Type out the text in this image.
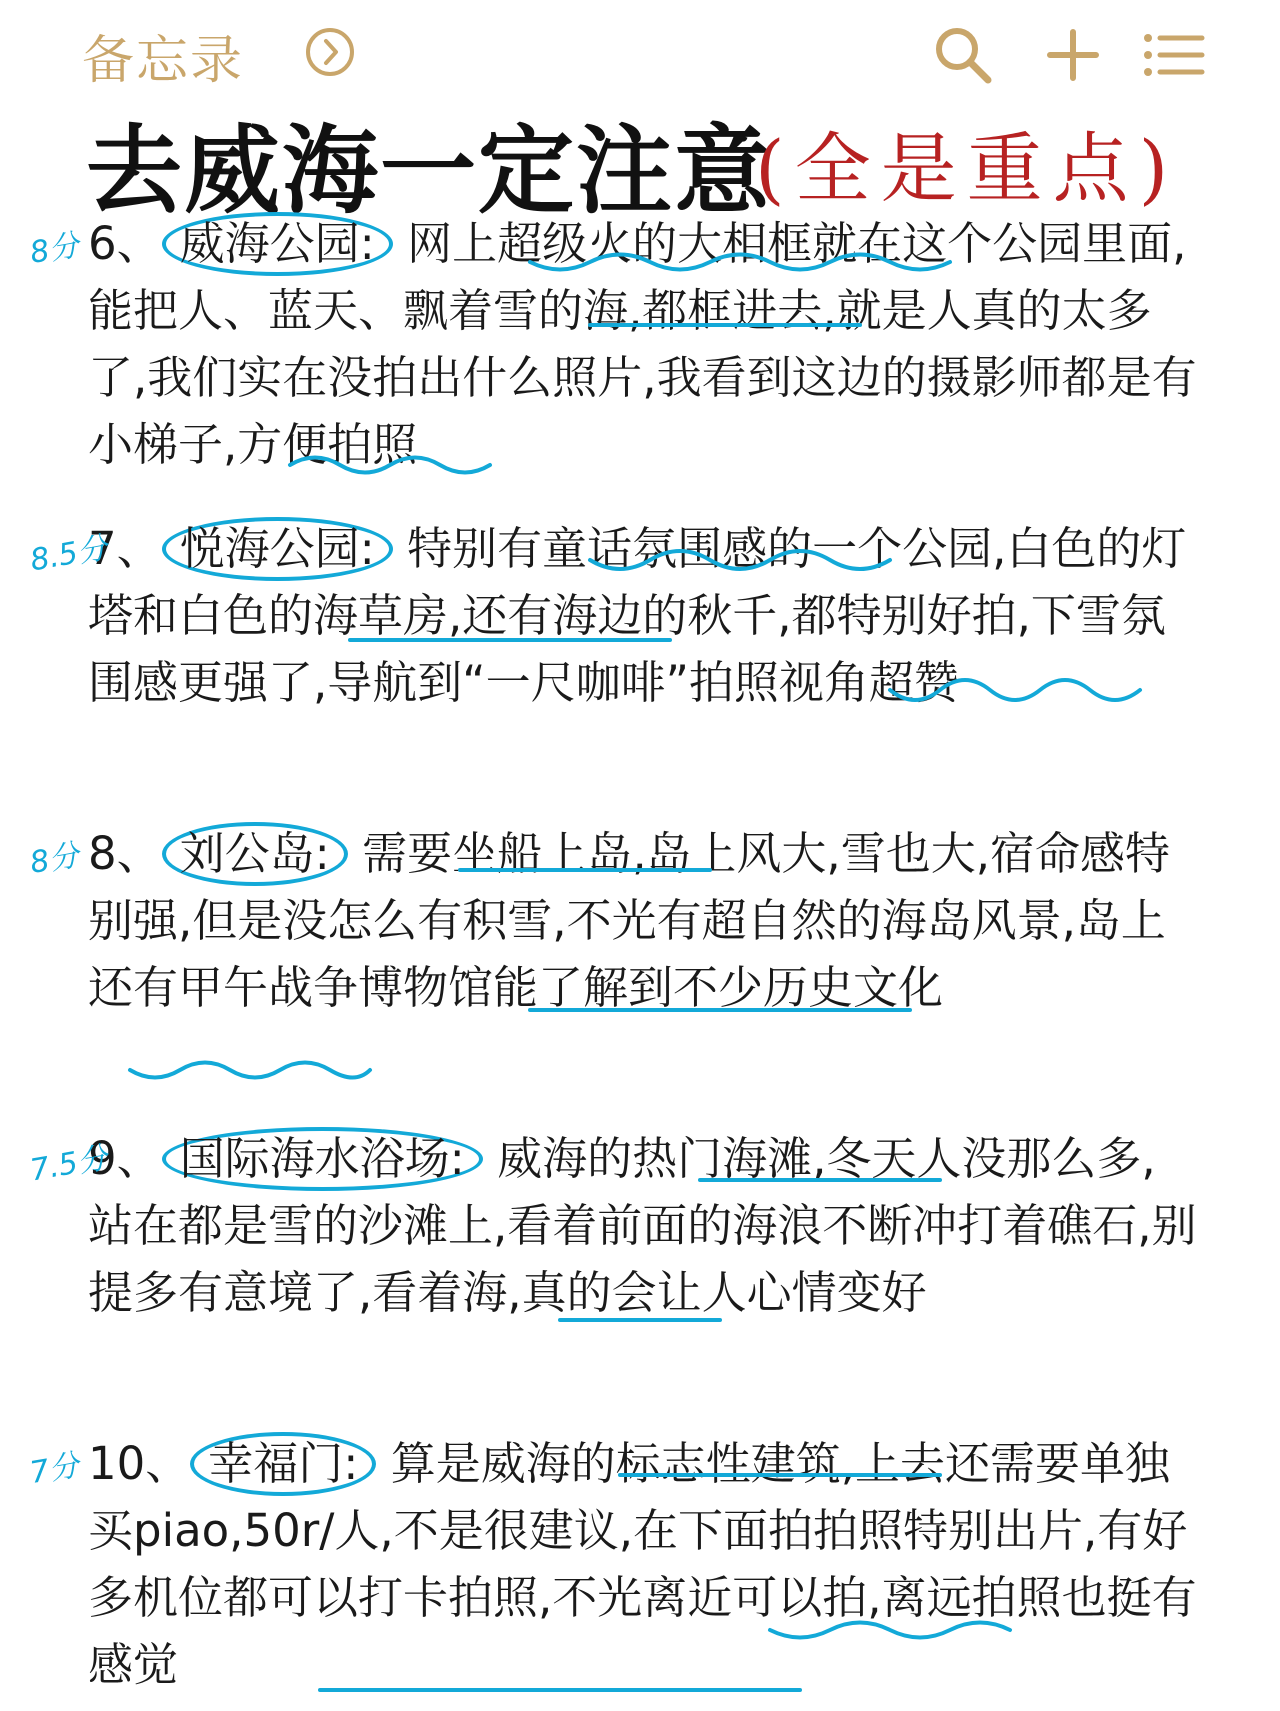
备忘录
去威海一定注意
(全是重点)
8分 6、 威海公园: 网上超级火的大相框就在这个公园里面,能把人、蓝天、飘着雪的海,都框进去,就是人真的太多了,我们实在没拍出什么照片,我看到这边的摄影师都是有小梯子,方便拍照

8.5分

7、 悦海公园: 特别有童话氛围感的一个公园,白色的灯塔和白色的海草房,还有海边的秋千,都特别好拍,下雪氛围感更强了,导航到“一尺咖啡”拍照视角超赞

8分 8、 刘公岛: 需要坐船上岛,岛上风大,雪也大,宿命感特别强,但是没怎么有积雪,不光有超自然的海岛风景,岛上还有甲午战争博物馆能了解到不少历史文化

7.5分

9、 国际海水浴场: 威海的热门海滩,冬天人没那么多,站在都是雪的沙滩上,看着前面的海浪不断冲打着礁石,别提多有意境了,看着海,真的会让人心情变好

7分 10、 幸福门: 算是威海的标志性建筑,上去还需要单独买piao,50r/人,不是很建议,在下面拍拍照特别出片,有好多机位都可以打卡拍照,不光离近可以拍,离远拍照也挺有感觉
